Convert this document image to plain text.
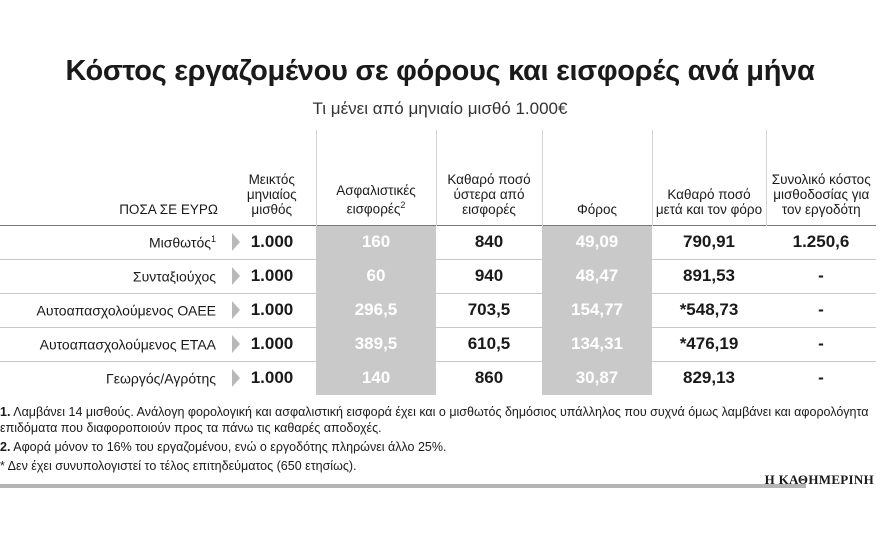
Κόστος εργαζομένου σε φόρους και εισφορές ανά μήνα
Τι μένει από μηνιαίο μισθό 1.000€
ΠΟΣΑ ΣΕ ΕΥΡΩ	Μεικτός μηνιαίος μισθός	Ασφαλιστικές εισφορές$^2$	Καθαρό ποσό ύστερα από εισφορές	Φόρος	Καθαρό ποσό μετά και τον φόρο	Συνολικό κόστος μισθοδοσίας για τον εργοδότη
Μισθωτός$^1$	1.000	160	840	49,09	790,91	1.250,6
Συνταξιούχος	1.000	60	940	48,47	891,53	-
Αυτοαπασχολούμενος ΟΑΕΕ	1.000	296,5	703,5	154,77	*548,73	-
Αυτοαπασχολούμενος ΕΤΑΑ	1.000	389,5	610,5	134,31	*476,19	-
Γεωργός/Αγρότης	1.000	140	860	30,87	829,13	-

1. Λαμβάνει 14 μισθούς. Ανάλογη φορολογική και ασφαλιστική εισφορά έχει και ο μισθωτός δημόσιος υπάλληλος που συχνά όμως λαμβάνει και αφορολόγητα επιδόματα που διαφοροποιούν προς τα πάνω τις καθαρές αποδοχές.

2. Αφορά μόνον το 16% του εργαζομένου, ενώ ο εργοδότης πληρώνει άλλο 25%.

* Δεν έχει συνυπολογιστεί το τέλος επιτηδεύματος (650 ετησίως).

Η ΚΑΘΗΜΕΡΙΝΗ
